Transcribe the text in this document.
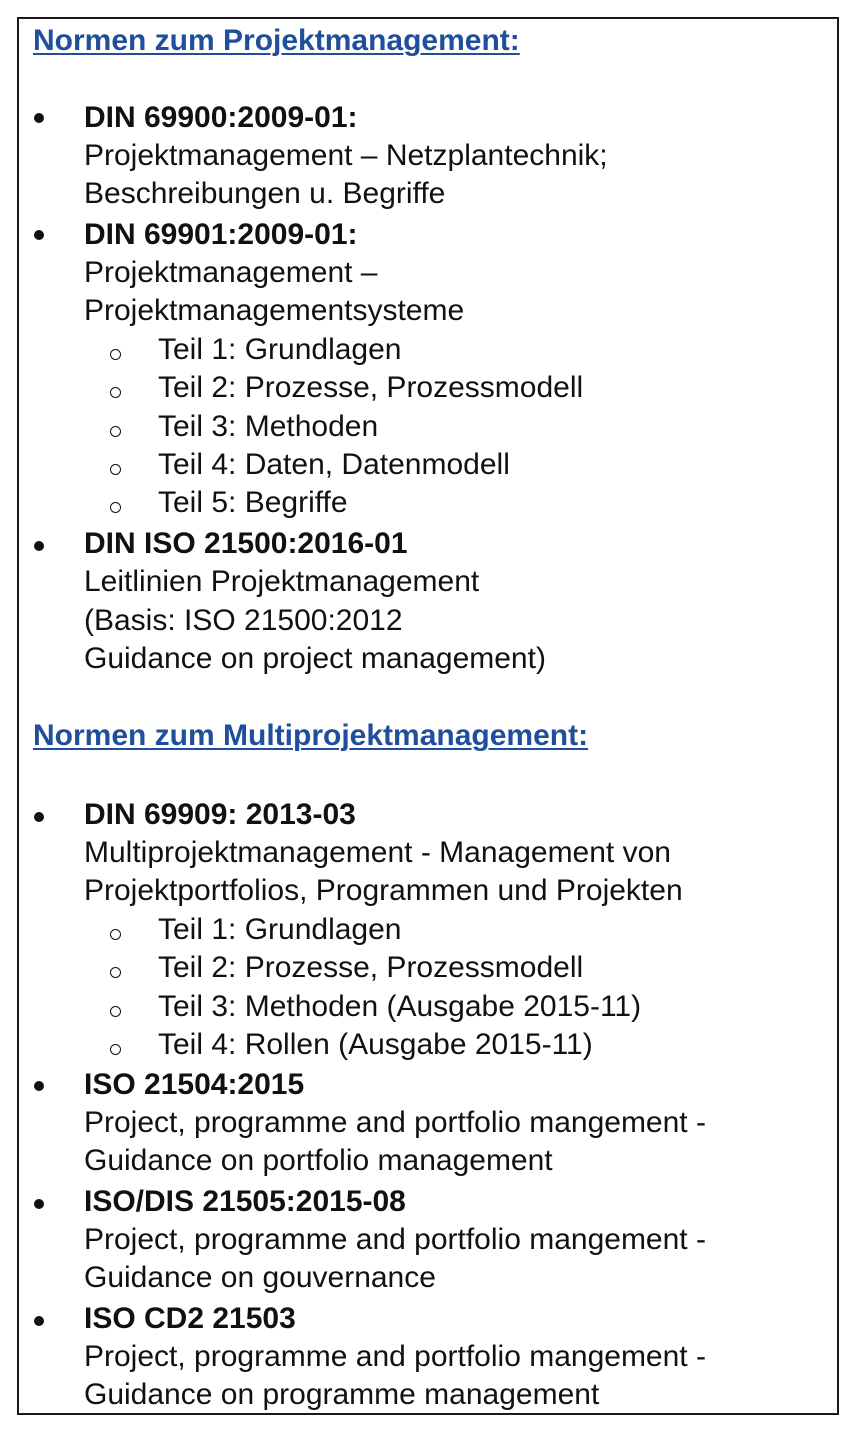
Normen zum Projektmanagement:
DIN 69900:2009-01:
Projektmanagement – Netzplantechnik;
Beschreibungen u. Begriffe
DIN 69901:2009-01:
Projektmanagement –
Projektmanagementsysteme
Teil 1: Grundlagen
Teil 2: Prozesse, Prozessmodell
Teil 3: Methoden
Teil 4: Daten, Datenmodell
Teil 5: Begriffe
DIN ISO 21500:2016-01
Leitlinien Projektmanagement
(Basis: ISO 21500:2012
Guidance on project management)
Normen zum Multiprojektmanagement:
DIN 69909: 2013-03
Multiprojektmanagement - Management von
Projektportfolios, Programmen und Projekten
Teil 1: Grundlagen
Teil 2: Prozesse, Prozessmodell
Teil 3: Methoden (Ausgabe 2015-11)
Teil 4: Rollen (Ausgabe 2015-11)
ISO 21504:2015
Project, programme and portfolio mangement -
Guidance on portfolio management
ISO/DIS 21505:2015-08
Project, programme and portfolio mangement -
Guidance on gouvernance
ISO CD2 21503
Project, programme and portfolio mangement -
Guidance on programme management
